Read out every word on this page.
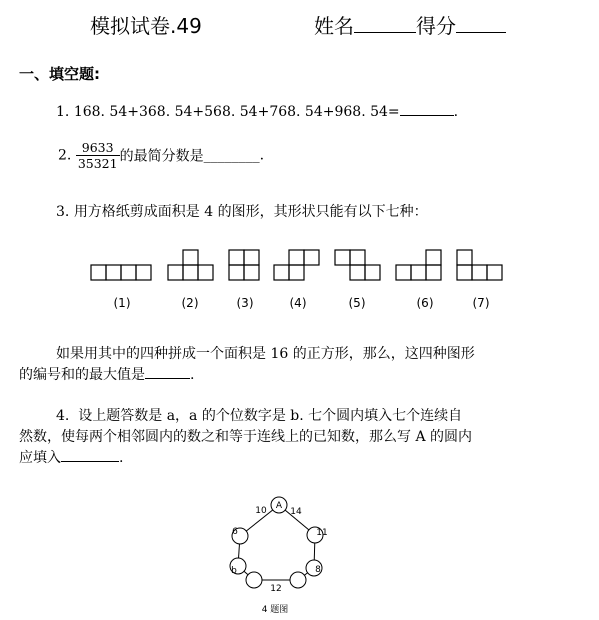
模拟试卷.49	姓名	得分
一、填空题:
1. 168. 54+368. 54+568. 54+768. 54+968. 54=	.
2. $\frac{9633}{35321}$ 的最简分数是________.
3. 用方格纸剪成面积是 4 的图形，其形状只能有以下七种：
(1)	(2)	(3)	(4)	(5)	(6)	(7)
如果用其中的四种拼成一个面积是 16 的正方形，那么，这四种图形
的编号和的最大值是	.
4. 设上题答数是 a，a 的个位数字是 b. 七个圆内填入七个连续自
然数，使每两个相邻圆内的数之和等于连线上的已知数，那么写 A 的圆内
应填入	.
A
10	14
11
8
12
b
6
4 题图
